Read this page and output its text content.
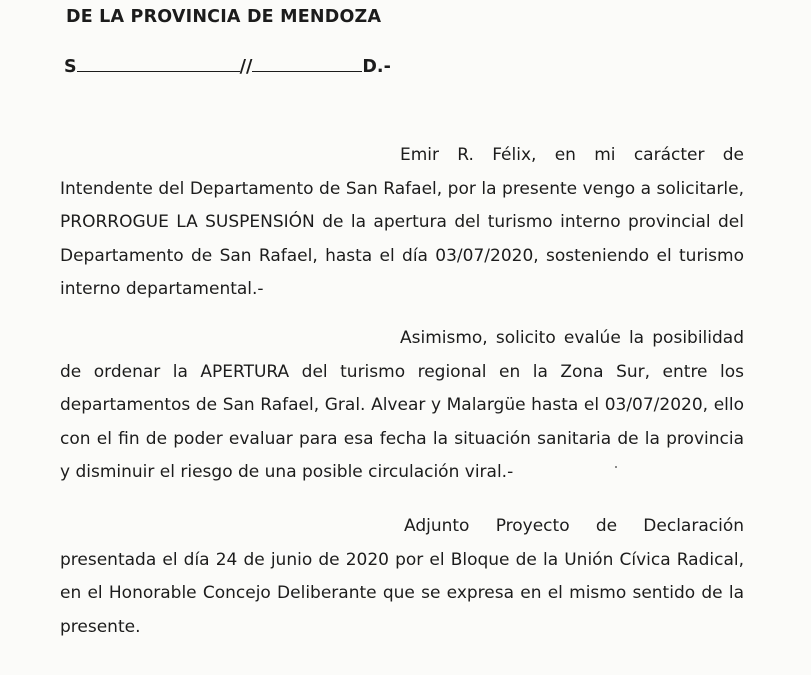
DE LA PROVINCIA DE MENDOZA
S	//	D.-
Emir R. Félix, en mi carácter de
Intendente del Departamento de San Rafael, por la presente vengo a solicitarle,
PRORROGUE LA SUSPENSIÓN de la apertura del turismo interno provincial del
Departamento de San Rafael, hasta el día 03/07/2020, sosteniendo el turismo
interno departamental.-
Asimismo, solicito evalúe la posibilidad
de ordenar la APERTURA del turismo regional en la Zona Sur, entre los
departamentos de San Rafael, Gral. Alvear y Malargüe hasta el 03/07/2020, ello
con el fin de poder evaluar para esa fecha la situación sanitaria de la provincia
y disminuir el riesgo de una posible circulación viral.-
Adjunto Proyecto de Declaración
presentada el día 24 de junio de 2020 por el Bloque de la Unión Cívica Radical,
en el Honorable Concejo Deliberante que se expresa en el mismo sentido de la
presente.
